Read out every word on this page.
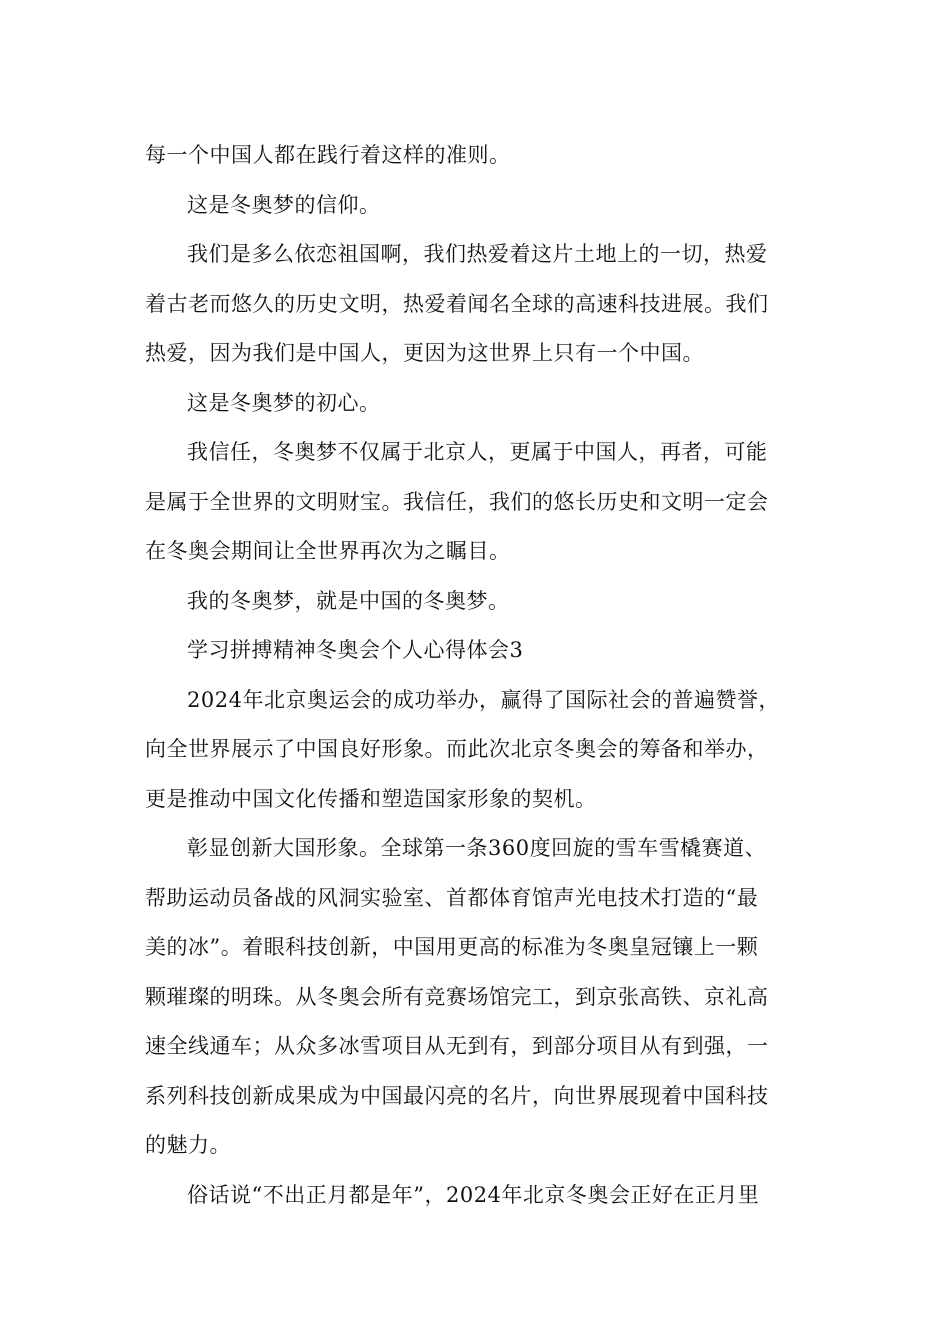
每一个中国人都在践行着这样的准则。

这是冬奥梦的信仰。

我们是多么依恋祖国啊，我们热爱着这片土地上的一切，热爱
着古老而悠久的历史文明，热爱着闻名全球的高速科技进展。我们
热爱，因为我们是中国人，更因为这世界上只有一个中国。

这是冬奥梦的初心。

我信任，冬奥梦不仅属于北京人，更属于中国人，再者，可能
是属于全世界的文明财宝。我信任，我们的悠长历史和文明一定会
在冬奥会期间让全世界再次为之瞩目。

我的冬奥梦，就是中国的冬奥梦。

学习拼搏精神冬奥会个人心得体会3

2024年北京奥运会的成功举办，赢得了国际社会的普遍赞誉，
向全世界展示了中国良好形象。而此次北京冬奥会的筹备和举办，
更是推动中国文化传播和塑造国家形象的契机。

彰显创新大国形象。全球第一条360度回旋的雪车雪橇赛道、
帮助运动员备战的风洞实验室、首都体育馆声光电技术打造的“最
美的冰”。着眼科技创新，中国用更高的标准为冬奥皇冠镶上一颗
颗璀璨的明珠。从冬奥会所有竞赛场馆完工，到京张高铁、京礼高
速全线通车；从众多冰雪项目从无到有，到部分项目从有到强，一
系列科技创新成果成为中国最闪亮的名片，向世界展现着中国科技
的魅力。

俗话说“不出正月都是年”，2024年北京冬奥会正好在正月里
